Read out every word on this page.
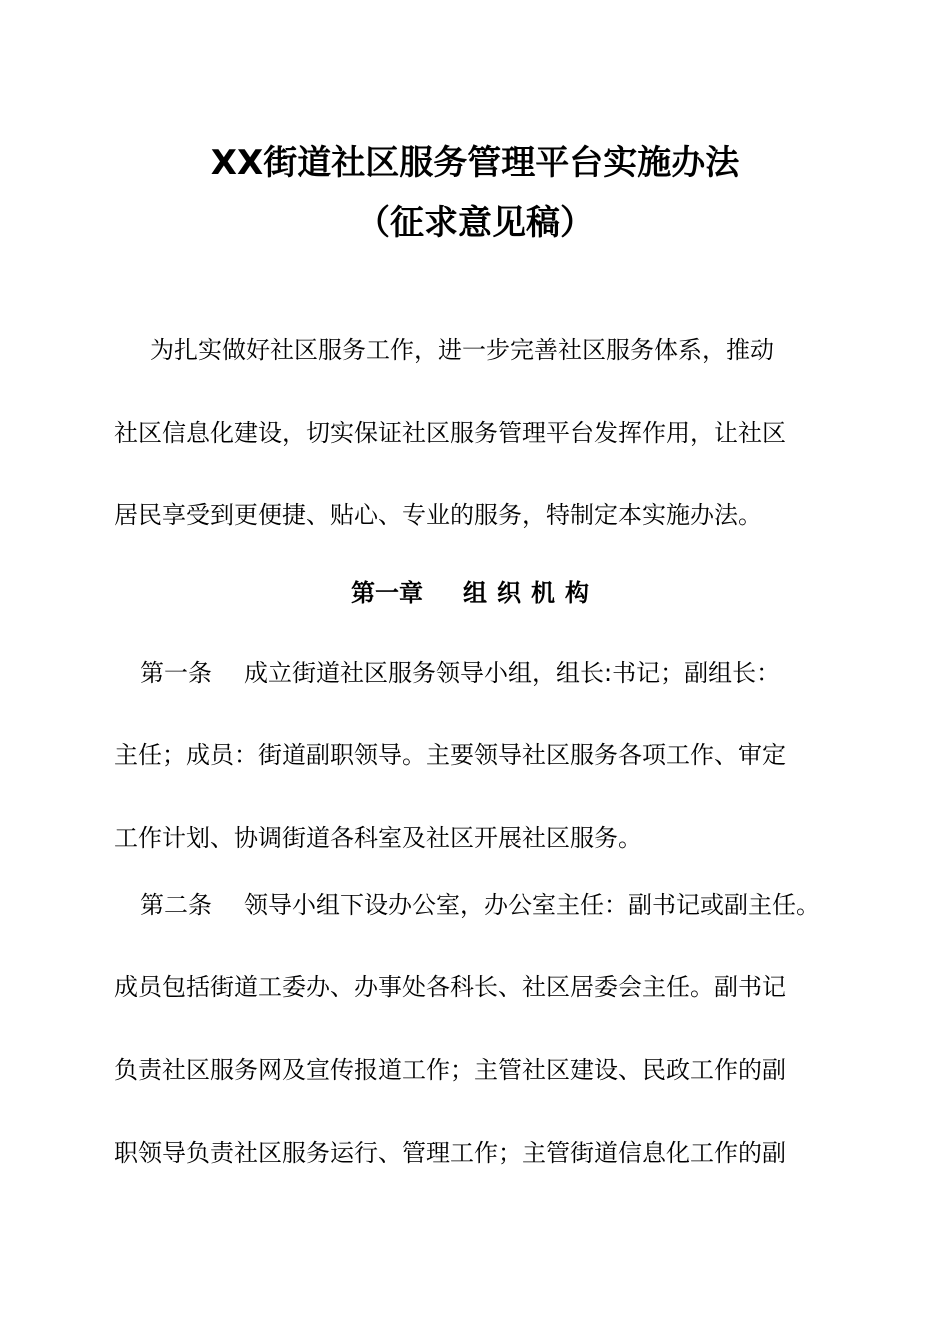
XX街道社区服务管理平台实施办法
（征求意见稿）
为扎实做好社区服务工作，进一步完善社区服务体系，推动
社区信息化建设，切实保证社区服务管理平台发挥作用，让社区
居民享受到更便捷、贴心、专业的服务，特制定本实施办法。
第一章 组织机构
第一条 成立街道社区服务领导小组，组长:书记；副组长：
主任；成员：街道副职领导。主要领导社区服务各项工作、审定
工作计划、协调街道各科室及社区开展社区服务。
第二条 领导小组下设办公室，办公室主任：副书记或副主任。
成员包括街道工委办、办事处各科长、社区居委会主任。副书记
负责社区服务网及宣传报道工作；主管社区建设、民政工作的副
职领导负责社区服务运行、管理工作；主管街道信息化工作的副
